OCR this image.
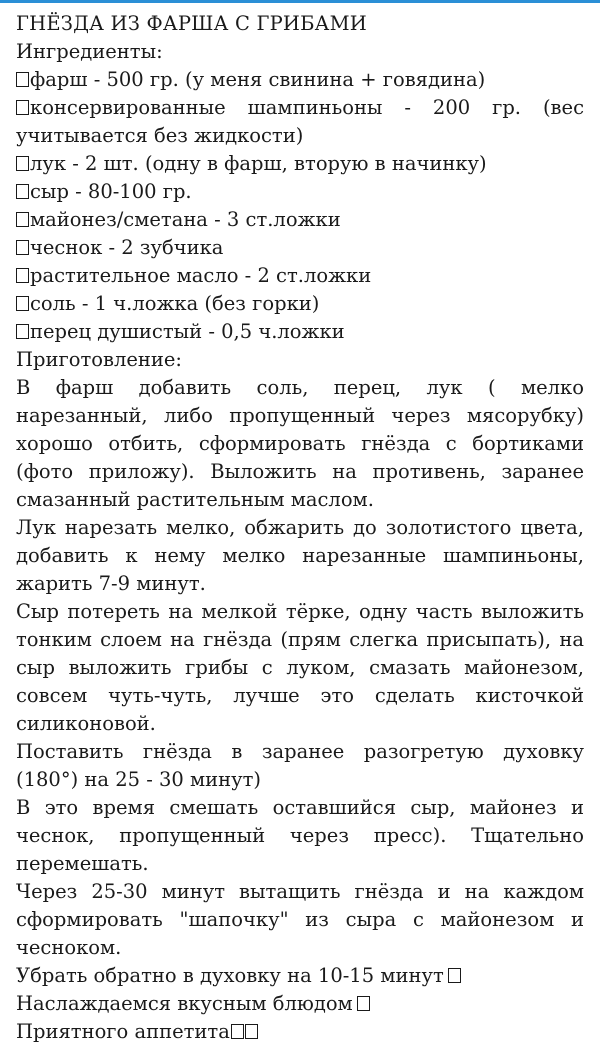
ГНЁЗДА ИЗ ФАРША С ГРИБАМИ

Ингредиенты:

фарш - 500 гр. (у меня свинина + говядина)

консервированные шампиньоны - 200 гр. (вес учитывается без жидкости)

лук - 2 шт. (одну в фарш, вторую в начинку)

сыр - 80-100 гр.

майонез/сметана - 3 ст.ложки

чеснок - 2 зубчика

растительное масло - 2 ст.ложки

соль - 1 ч.ложка (без горки)

перец душистый - 0,5 ч.ложки

Приготовление:

В фарш добавить соль, перец, лук ( мелко нарезанный, либо пропущенный через мясорубку) хорошо отбить, сформировать гнёзда с бортиками (фото приложу). Выложить на противень, заранее смазанный растительным маслом.

Лук нарезать мелко, обжарить до золотистого цвета, добавить к нему мелко нарезанные шампиньоны, жарить 7-9 минут.

Сыр потереть на мелкой тёрке, одну часть выложить тонким слоем на гнёзда (прям слегка присыпать), на сыр выложить грибы с луком, смазать майонезом, совсем чуть-чуть, лучше это сделать кисточкой силиконовой.

Поставить гнёзда в заранее разогретую духовку (180°) на 25 - 30 минут)

В это время смешать оставшийся сыр, майонез и чеснок, пропущенный через пресс). Тщательно перемешать.

Через 25-30 минут вытащить гнёзда и на каждом сформировать "шапочку" из сыра с майонезом и чесноком.

Убрать обратно в духовку на 10-15 минут

Наслаждаемся вкусным блюдом

Приятного аппетита
